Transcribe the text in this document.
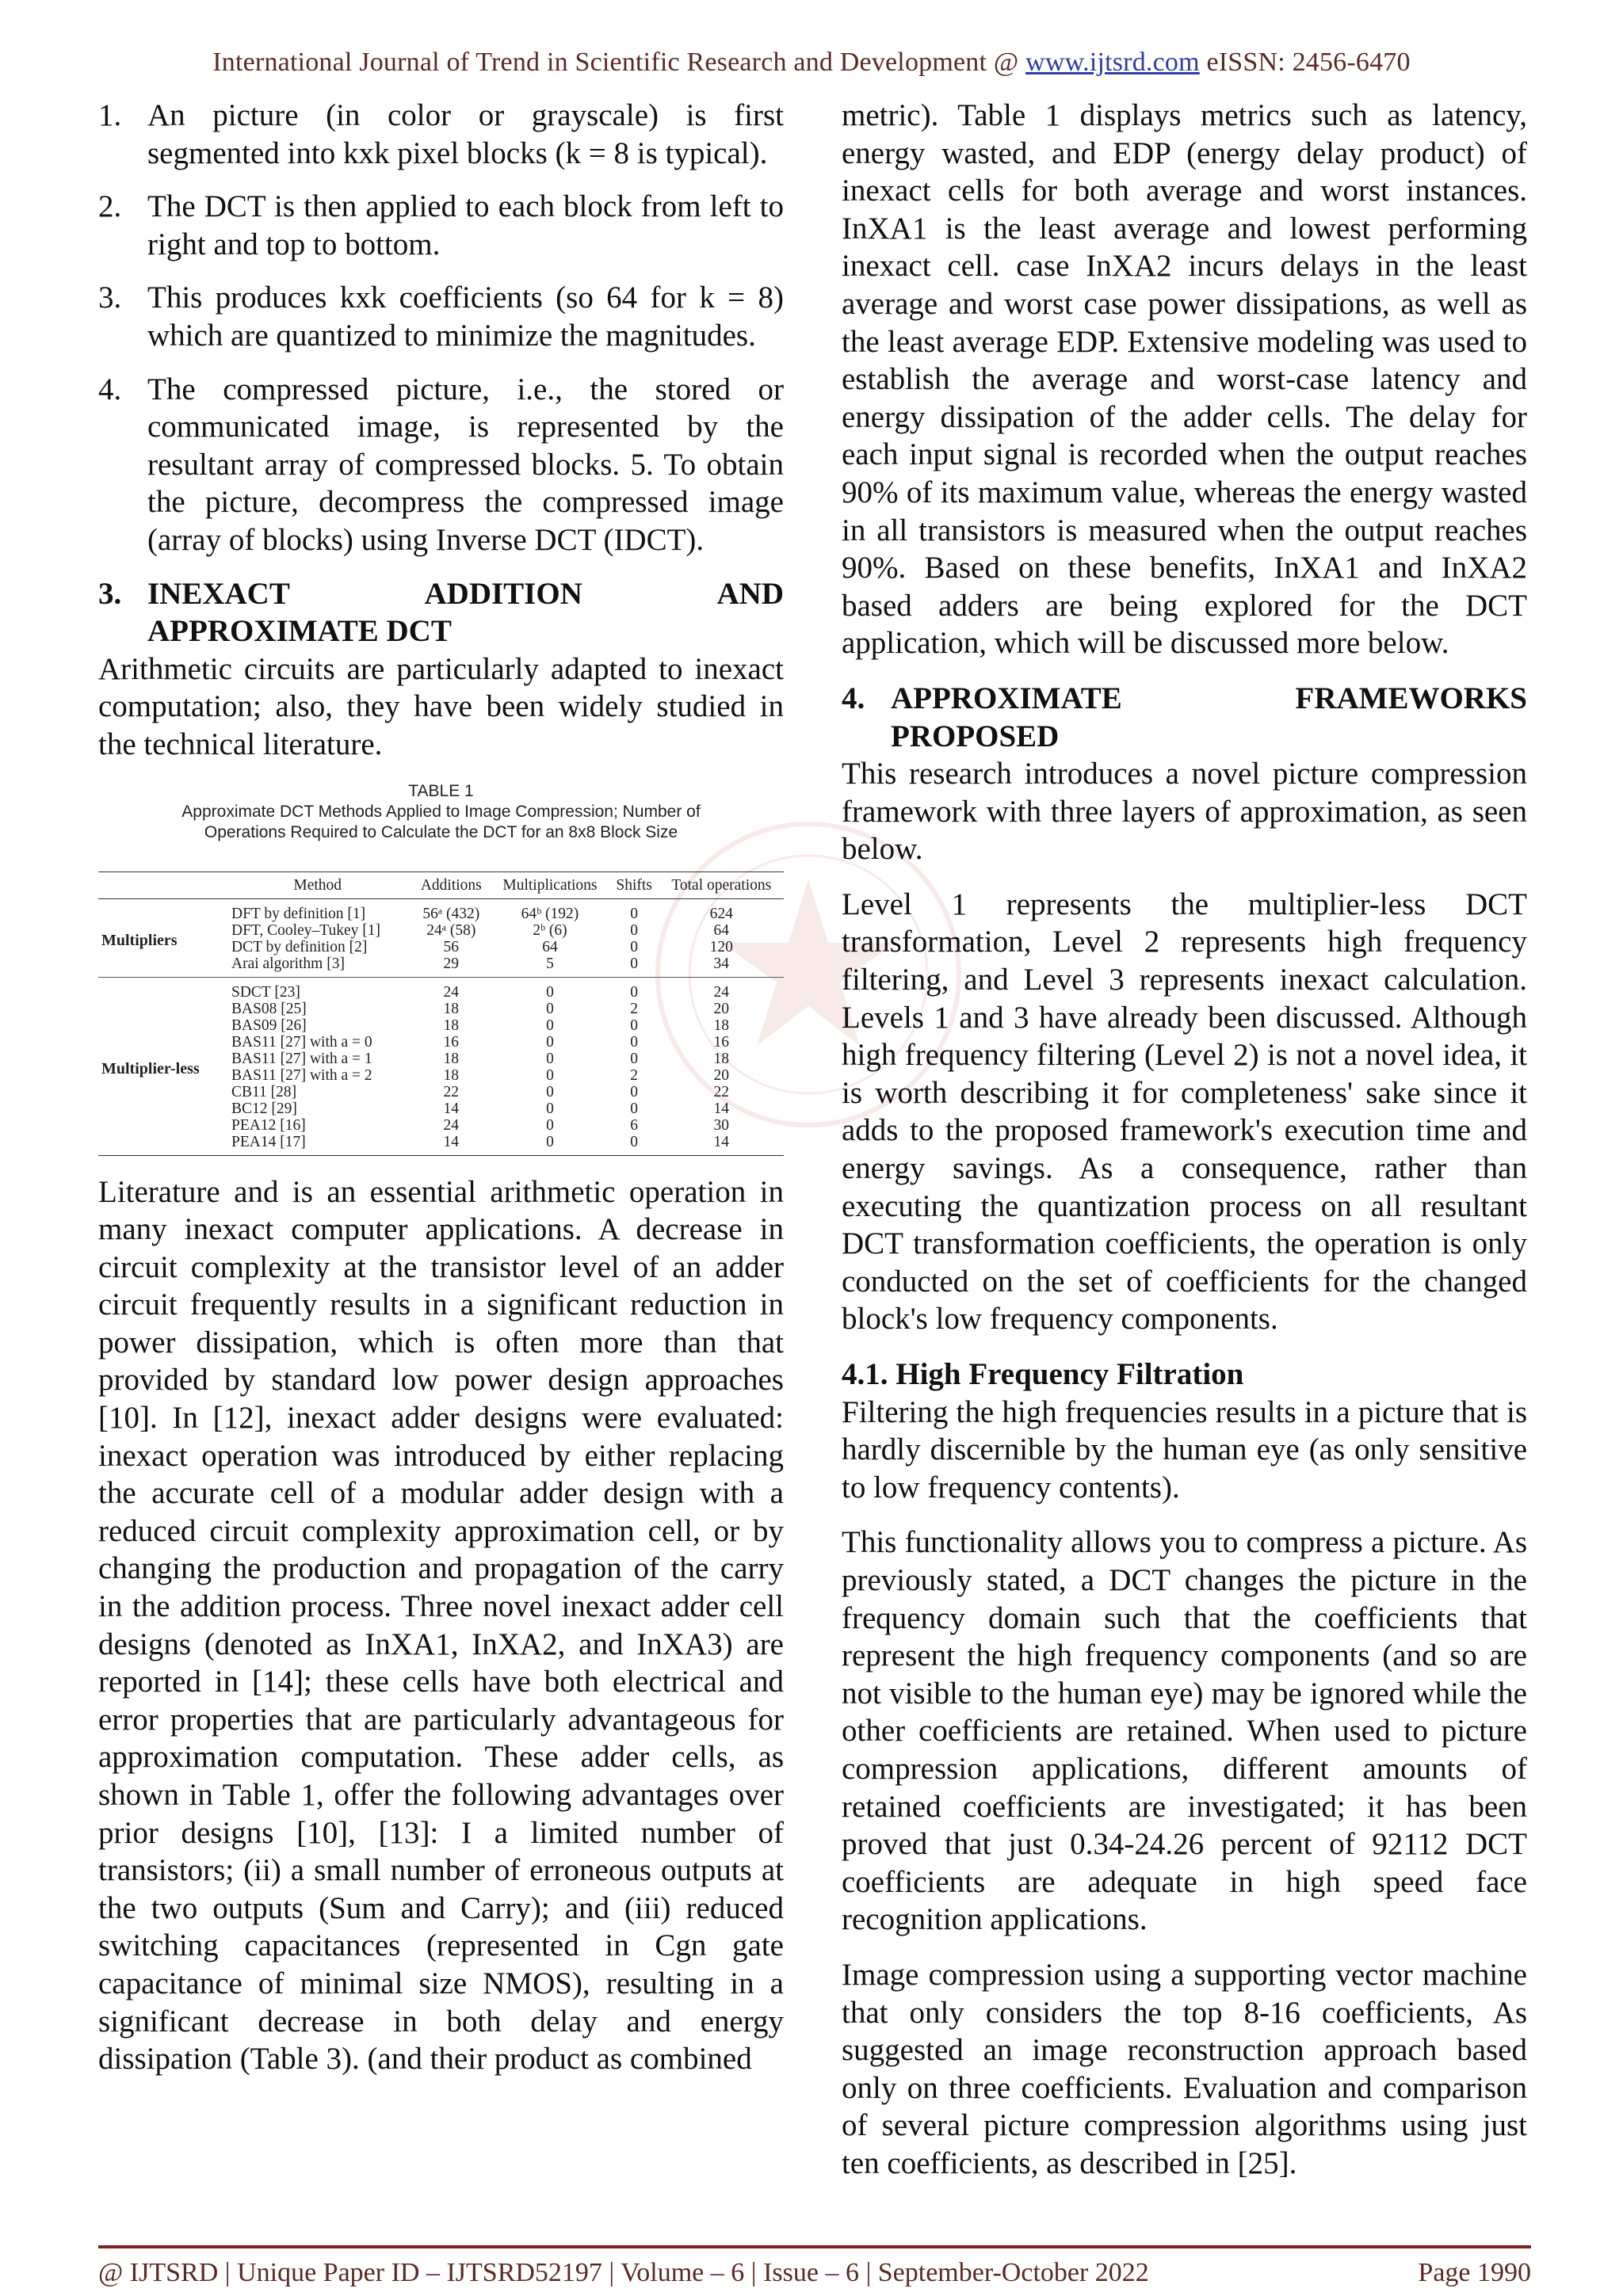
International Journal of Trend in Scientific Research and Development @ www.ijtsrd.com eISSN: 2456-6470
1. An picture (in color or grayscale) is first segmented into kxk pixel blocks (k = 8 is typical).
2. The DCT is then applied to each block from left to right and top to bottom.
3. This produces kxk coefficients (so 64 for k = 8) which are quantized to minimize the magnitudes.
4. The compressed picture, i.e., the stored or communicated image, is represented by the resultant array of compressed blocks. 5. To obtain the picture, decompress the compressed image (array of blocks) using Inverse DCT (IDCT).
3. INEXACT	ADDITION	AND
APPROXIMATE DCT

Arithmetic circuits are particularly adapted to inexact computation; also, they have been widely studied in the technical literature.

TABLE 1
Approximate DCT Methods Applied to Image Compression; Number of Operations Required to Calculate the DCT for an 8x8 Block Size
	Method	Additions	Multiplications	Shifts	Total operations
Multipliers	DFT by definition [1]	56ᵃ (432)	64ᵇ (192)	0	624
	DFT, Cooley–Tukey [1]	24ᵃ (58)	2ᵇ (6)	0	64
	DCT by definition [2]	56	64	0	120
	Arai algorithm [3]	29	5	0	34
Multiplier-less	SDCT [23]	24	0	0	24
	BAS08 [25]	18	0	2	20
	BAS09 [26]	18	0	0	18
	BAS11 [27] with a = 0	16	0	0	16
	BAS11 [27] with a = 1	18	0	0	18
	BAS11 [27] with a = 2	18	0	2	20
	CB11 [28]	22	0	0	22
	BC12 [29]	14	0	0	14
	PEA12 [16]	24	0	6	30
	PEA14 [17]	14	0	0	14

Literature and is an essential arithmetic operation in many inexact computer applications. A decrease in circuit complexity at the transistor level of an adder circuit frequently results in a significant reduction in power dissipation, which is often more than that provided by standard low power design approaches [10]. In [12], inexact adder designs were evaluated: inexact operation was introduced by either replacing the accurate cell of a modular adder design with a reduced circuit complexity approximation cell, or by changing the production and propagation of the carry in the addition process. Three novel inexact adder cell designs (denoted as InXA1, InXA2, and InXA3) are reported in [14]; these cells have both electrical and error properties that are particularly advantageous for approximation computation. These adder cells, as shown in Table 1, offer the following advantages over prior designs [10], [13]: I a limited number of transistors; (ii) a small number of erroneous outputs at the two outputs (Sum and Carry); and (iii) reduced switching capacitances (represented in Cgn gate capacitance of minimal size NMOS), resulting in a significant decrease in both delay and energy dissipation (Table 3). (and their product as combined

metric). Table 1 displays metrics such as latency, energy wasted, and EDP (energy delay product) of inexact cells for both average and worst instances. InXA1 is the least average and lowest performing inexact cell. case InXA2 incurs delays in the least average and worst case power dissipations, as well as the least average EDP. Extensive modeling was used to establish the average and worst-case latency and energy dissipation of the adder cells. The delay for each input signal is recorded when the output reaches 90% of its maximum value, whereas the energy wasted in all transistors is measured when the output reaches 90%. Based on these benefits, InXA1 and InXA2 based adders are being explored for the DCT application, which will be discussed more below.

4. APPROXIMATE	FRAMEWORKS
PROPOSED

This research introduces a novel picture compression framework with three layers of approximation, as seen below.

Level 1 represents the multiplier-less DCT transformation, Level 2 represents high frequency filtering, and Level 3 represents inexact calculation. Levels 1 and 3 have already been discussed. Although high frequency filtering (Level 2) is not a novel idea, it is worth describing it for completeness' sake since it adds to the proposed framework's execution time and energy savings. As a consequence, rather than executing the quantization process on all resultant DCT transformation coefficients, the operation is only conducted on the set of coefficients for the changed block's low frequency components.

4.1. High Frequency Filtration

Filtering the high frequencies results in a picture that is hardly discernible by the human eye (as only sensitive to low frequency contents).

This functionality allows you to compress a picture. As previously stated, a DCT changes the picture in the frequency domain such that the coefficients that represent the high frequency components (and so are not visible to the human eye) may be ignored while the other coefficients are retained. When used to picture compression applications, different amounts of retained coefficients are investigated; it has been proved that just 0.34-24.26 percent of 92112 DCT coefficients are adequate in high speed face recognition applications.

Image compression using a supporting vector machine that only considers the top 8-16 coefficients, As suggested an image reconstruction approach based only on three coefficients. Evaluation and comparison of several picture compression algorithms using just ten coefficients, as described in [25].

@ IJTSRD | Unique Paper ID – IJTSRD52197 | Volume – 6 | Issue – 6 | September-October 2022	Page 1990
